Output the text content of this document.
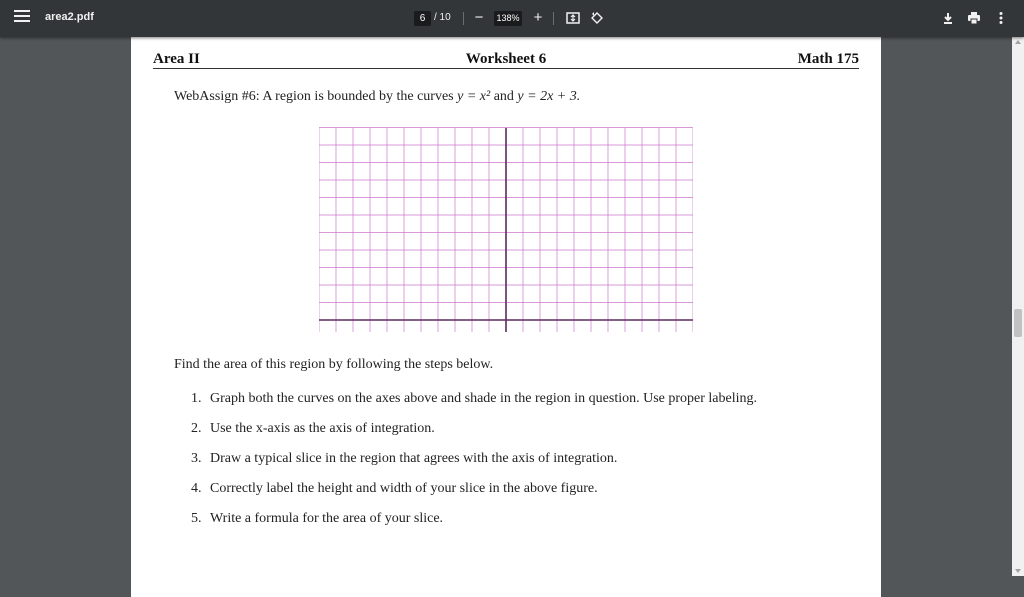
area2.pdf	6 / 10	−	138% +
Area II	Worksheet 6	Math 175
WebAssign #6: A region is bounded by the curves y = x² and y = 2x + 3.
Find the area of this region by following the steps below.
1. Graph both the curves on the axes above and shade in the region in question. Use proper labeling.
2. Use the x-axis as the axis of integration.
3. Draw a typical slice in the region that agrees with the axis of integration.
4. Correctly label the height and width of your slice in the above figure.
5. Write a formula for the area of your slice.
